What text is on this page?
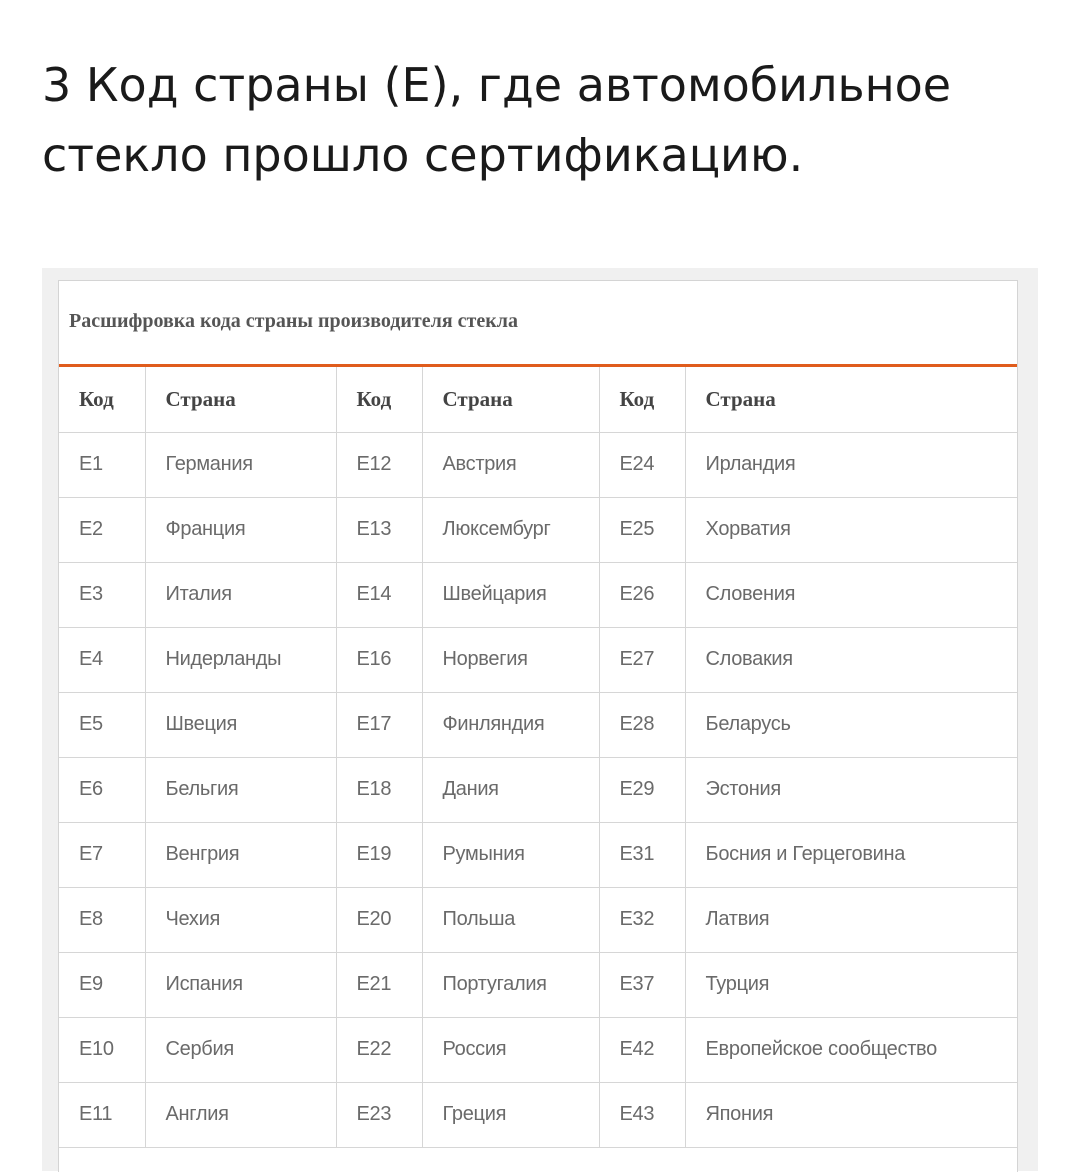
3 Код страны (Е), где автомобильное стекло прошло сертификацию.
Расшифровка кода страны производителя стекла
Код	Страна	Код	Страна	Код	Страна
E1	Германия	E12	Австрия	E24	Ирландия
E2	Франция	E13	Люксембург	E25	Хорватия
E3	Италия	E14	Швейцария	E26	Словения
E4	Нидерланды	E16	Норвегия	E27	Словакия
E5	Швеция	E17	Финляндия	E28	Беларусь
E6	Бельгия	E18	Дания	E29	Эстония
E7	Венгрия	E19	Румыния	E31	Босния и Герцеговина
E8	Чехия	E20	Польша	E32	Латвия
E9	Испания	E21	Португалия	E37	Турция
E10	Сербия	E22	Россия	E42	Европейское сообщество
E11	Англия	E23	Греция	E43	Япония
